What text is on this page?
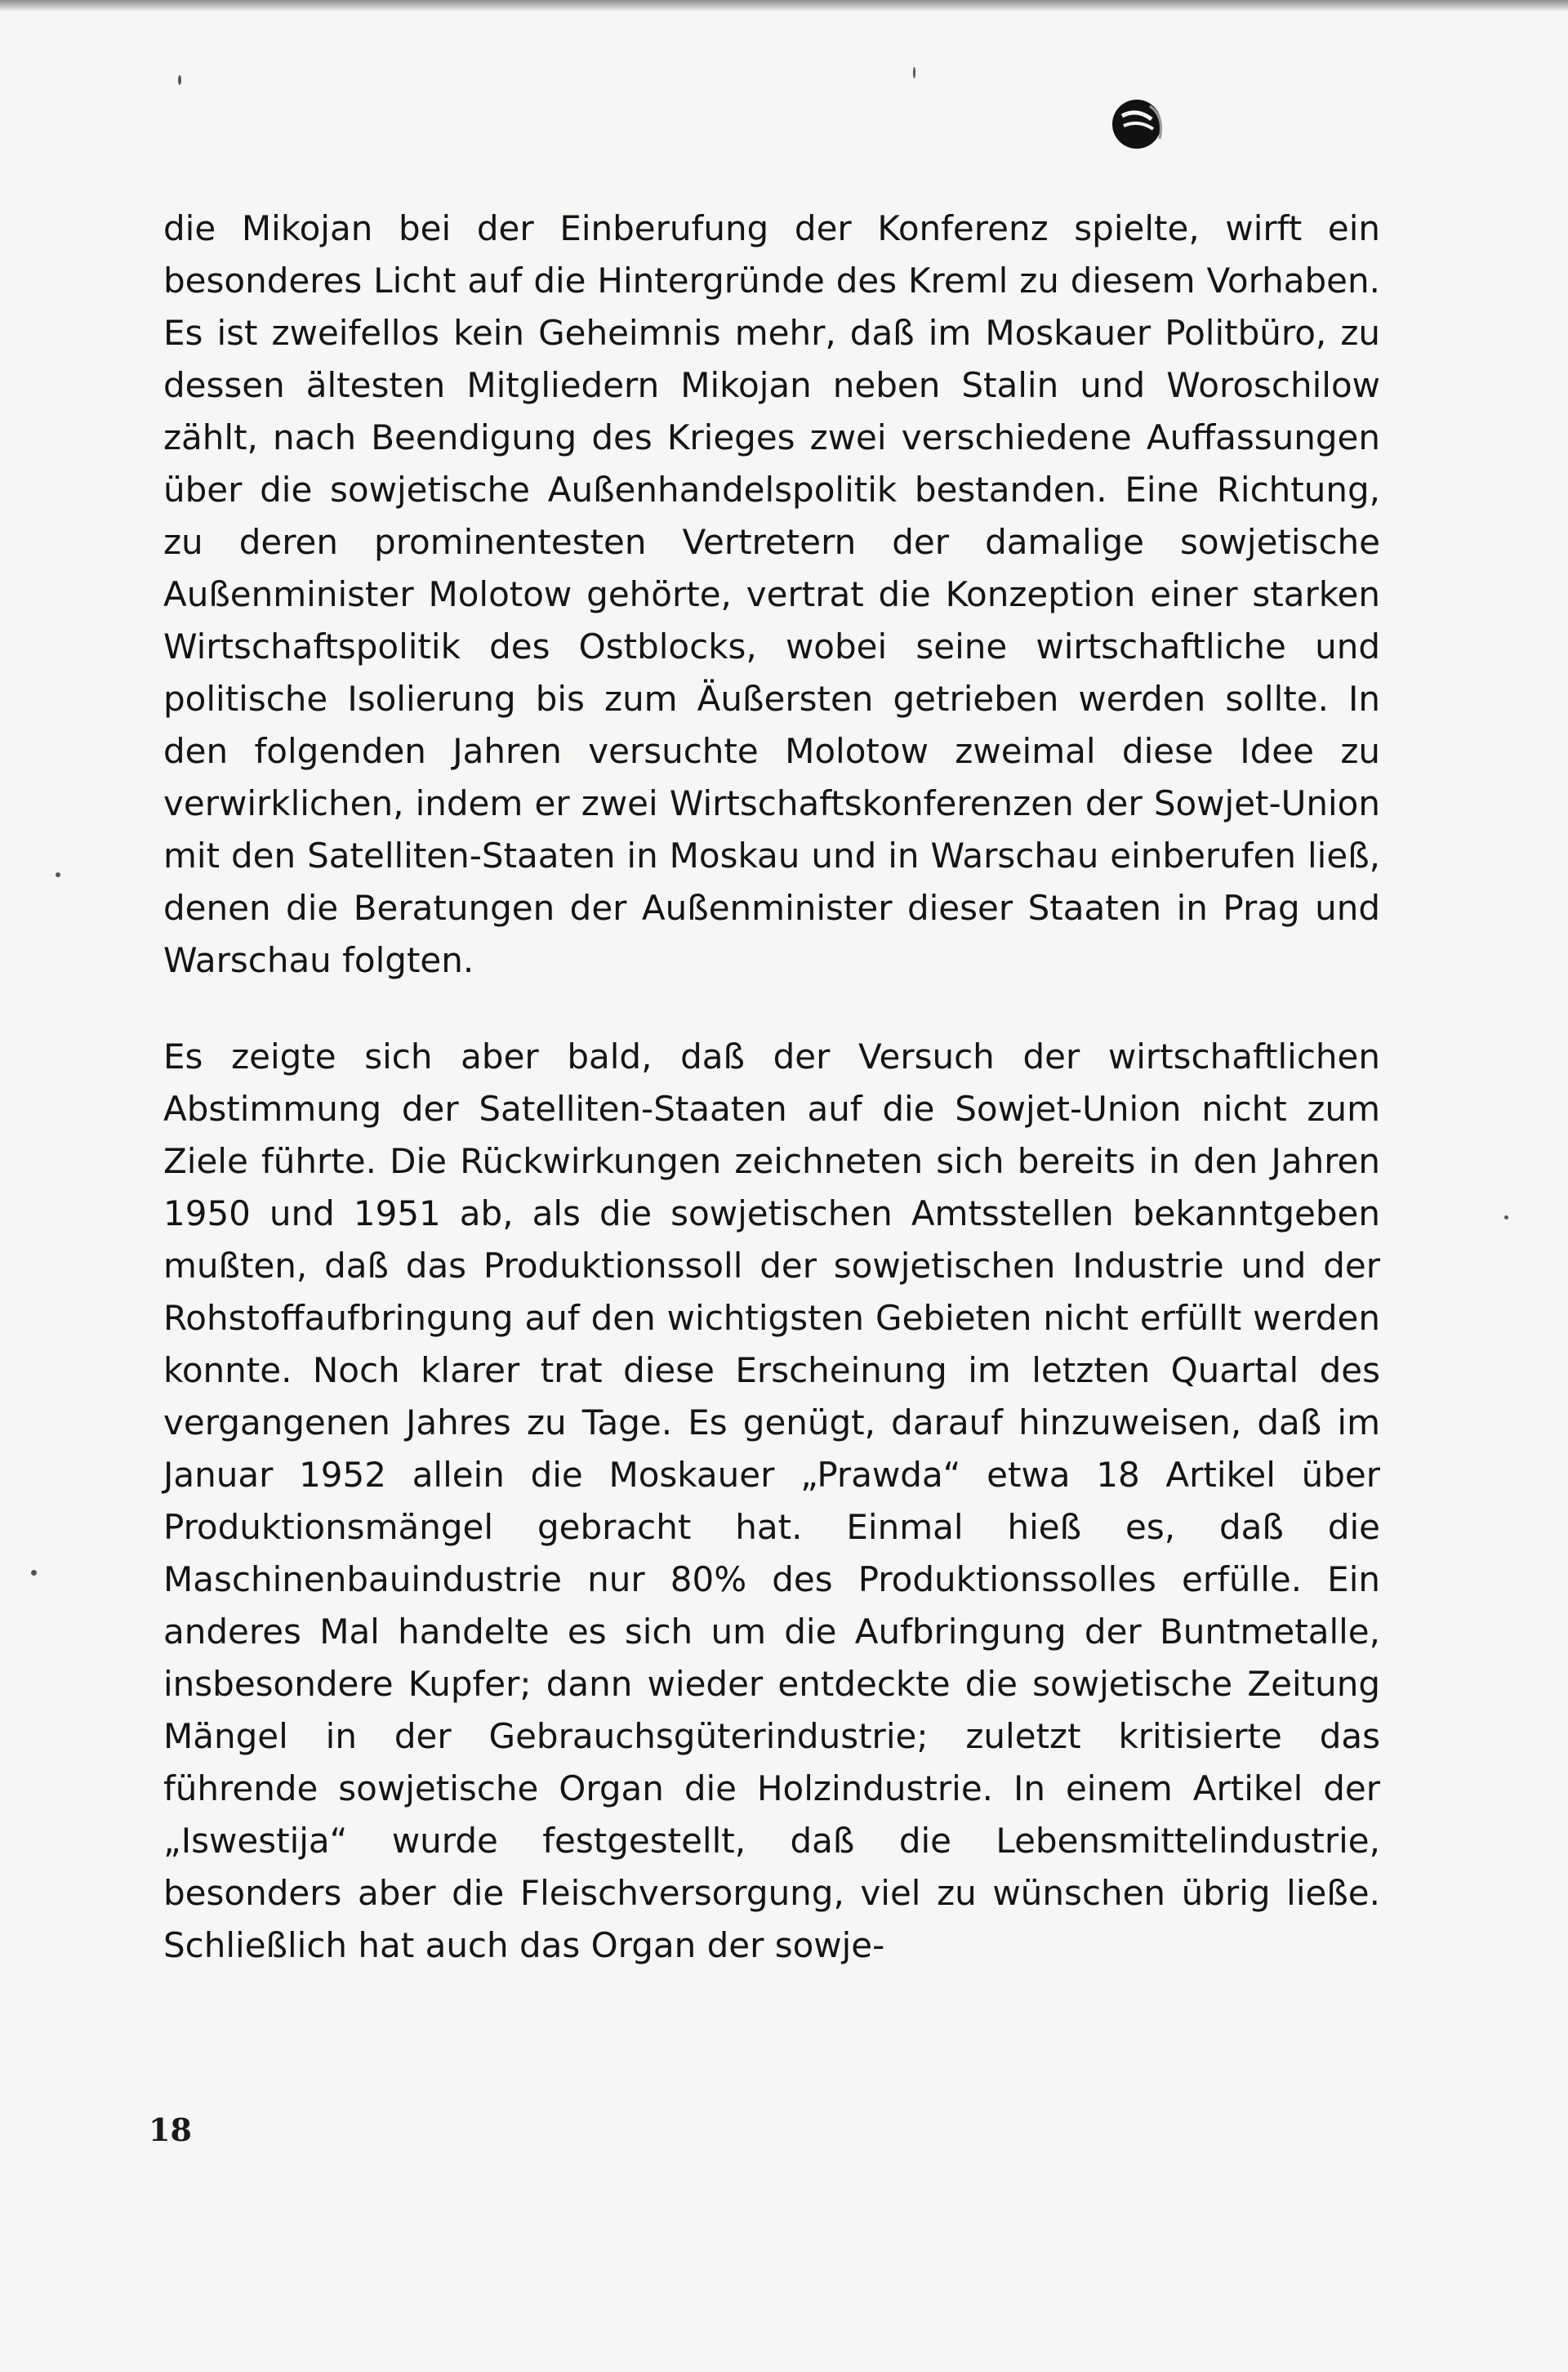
die Mikojan bei der Einberufung der Konferenz spielte, wirft ein besonderes Licht auf die Hintergründe des Kreml zu diesem Vorhaben. Es ist zweifellos kein Geheimnis mehr, daß im Moskauer Politbüro, zu dessen ältesten Mitgliedern Mikojan neben Stalin und Woroschilow zählt, nach Beendigung des Krieges zwei verschiedene Auffassungen über die sowjetische Außenhandelspolitik bestanden. Eine Richtung, zu deren prominentesten Vertretern der damalige sowjetische Außenminister Molotow gehörte, vertrat die Konzeption einer starken Wirtschaftspolitik des Ostblocks, wobei seine wirtschaftliche und politische Isolierung bis zum Äußersten getrieben werden sollte. In den folgenden Jahren versuchte Molotow zweimal diese Idee zu verwirklichen, indem er zwei Wirtschaftskonferenzen der Sowjet-Union mit den Satelliten-Staaten in Moskau und in Warschau einberufen ließ, denen die Beratungen der Außenminister dieser Staaten in Prag und Warschau folgten.

Es zeigte sich aber bald, daß der Versuch der wirtschaftlichen Abstimmung der Satelliten-Staaten auf die Sowjet-Union nicht zum Ziele führte. Die Rückwirkungen zeichneten sich bereits in den Jahren 1950 und 1951 ab, als die sowjetischen Amtsstellen bekanntgeben mußten, daß das Produktionssoll der sowjetischen Industrie und der Rohstoffaufbringung auf den wichtigsten Gebieten nicht erfüllt werden konnte. Noch klarer trat diese Erscheinung im letzten Quartal des vergangenen Jahres zu Tage. Es genügt, darauf hinzuweisen, daß im Januar 1952 allein die Moskauer „Prawda“ etwa 18 Artikel über Produktionsmängel gebracht hat. Einmal hieß es, daß die Maschinenbauindustrie nur 80% des Produktionssolles erfülle. Ein anderes Mal handelte es sich um die Aufbringung der Buntmetalle, insbesondere Kupfer; dann wieder entdeckte die sowjetische Zeitung Mängel in der Gebrauchsgüterindustrie; zuletzt kritisierte das führende sowjetische Organ die Holzindustrie. In einem Artikel der „Iswestija“ wurde festgestellt, daß die Lebensmittelindustrie, besonders aber die Fleischversorgung, viel zu wünschen übrig ließe. Schließlich hat auch das Organ der sowje-

18
